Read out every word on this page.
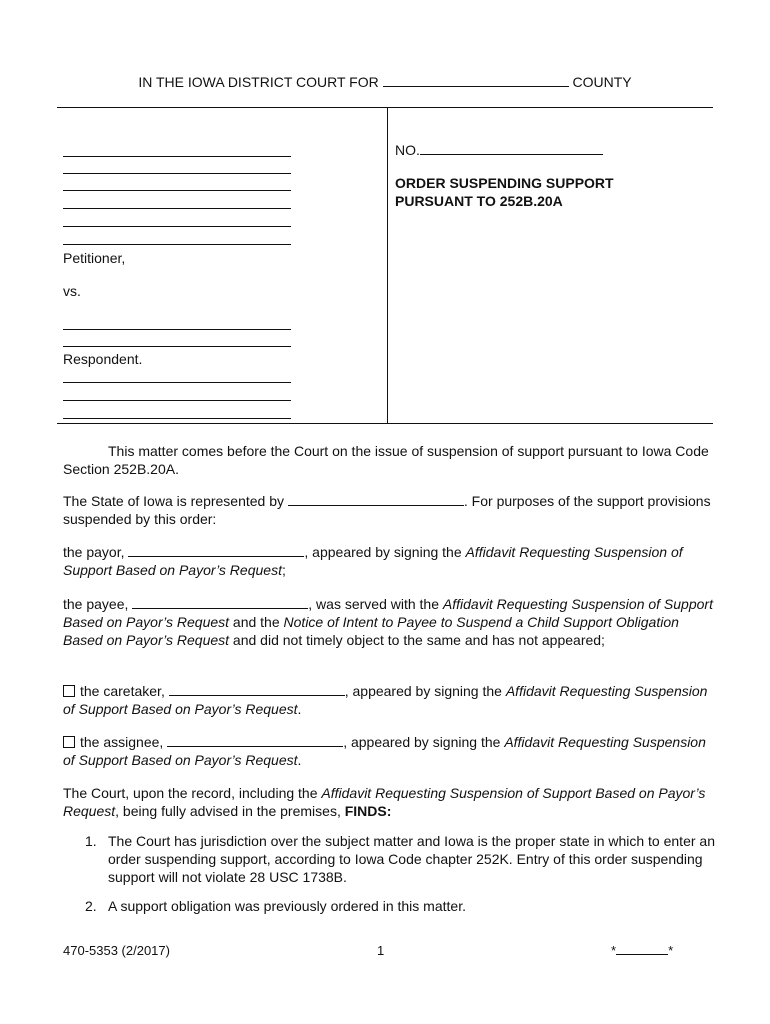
IN THE IOWA DISTRICT COURT FOR	COUNTY
Petitioner,
vs.
Respondent.
NO.
ORDER SUSPENDING SUPPORT
PURSUANT TO 252B.20A
This matter comes before the Court on the issue of suspension of support pursuant to Iowa Code Section 252B.20A.
The State of Iowa is represented by	. For purposes of the support provisions suspended by this order:
the payor,	, appeared by signing the Affidavit Requesting Suspension of Support Based on Payor’s Request;
the payee,	, was served with the Affidavit Requesting Suspension of Support Based on Payor’s Request and the Notice of Intent to Payee to Suspend a Child Support Obligation Based on Payor’s Request and did not timely object to the same and has not appeared;
the caretaker,	, appeared by signing the Affidavit Requesting Suspension of Support Based on Payor’s Request.
the assignee,	, appeared by signing the Affidavit Requesting Suspension of Support Based on Payor’s Request.
The Court, upon the record, including the Affidavit Requesting Suspension of Support Based on Payor’s Request, being fully advised in the premises, FINDS:
1. The Court has jurisdiction over the subject matter and Iowa is the proper state in which to enter an order suspending support, according to Iowa Code chapter 252K. Entry of this order suspending support will not violate 28 USC 1738B.
2. A support obligation was previously ordered in this matter.
470-5353 (2/2017)	1	*	*
